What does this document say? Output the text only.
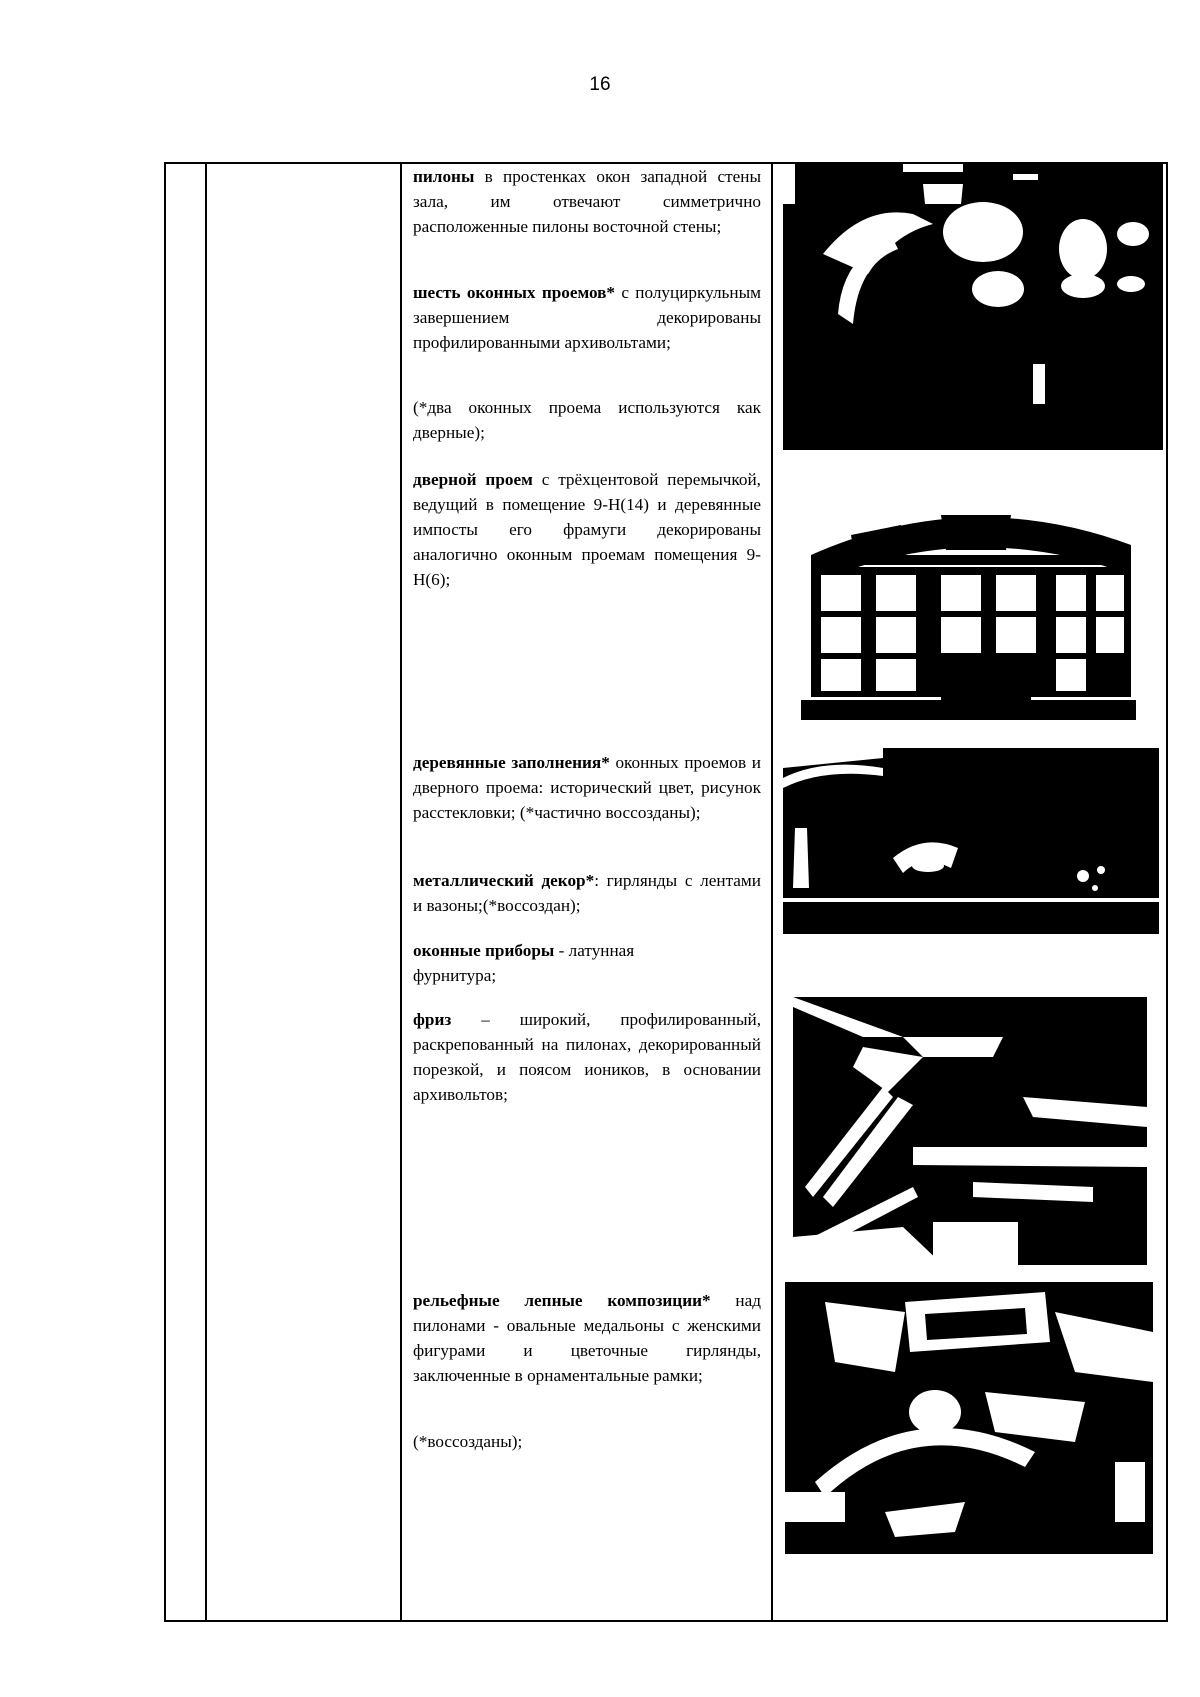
16

пилоны в простенках окон западной стены зала, им отвечают симметрично расположенные пилоны восточной стены;

шесть оконных проемов* с полуциркульным завершением декорированы профилированными архивольтами;

(*два оконных проема используются как дверные);

дверной проем с трёхцентовой перемычкой, ведущий в помещение 9-Н(14) и деревянные импосты его фрамуги декорированы аналогично оконным проемам помещения 9-Н(6);

деревянные заполнения* оконных проемов и дверного проема: исторический цвет, рисунок расстекловки; (*частично воссозданы);

металлический декор*: гирлянды с лентами и вазоны;(*воссоздан);

оконные приборы - латунная фурнитура;

фриз – широкий, профилированный, раскрепованный на пилонах, декорированный порезкой, и поясом иоников, в основании архивольтов;

рельефные лепные композиции* над пилонами - овальные медальоны с женскими фигурами и цветочные гирлянды, заключенные в орнаментальные рамки;

(*воссозданы);
